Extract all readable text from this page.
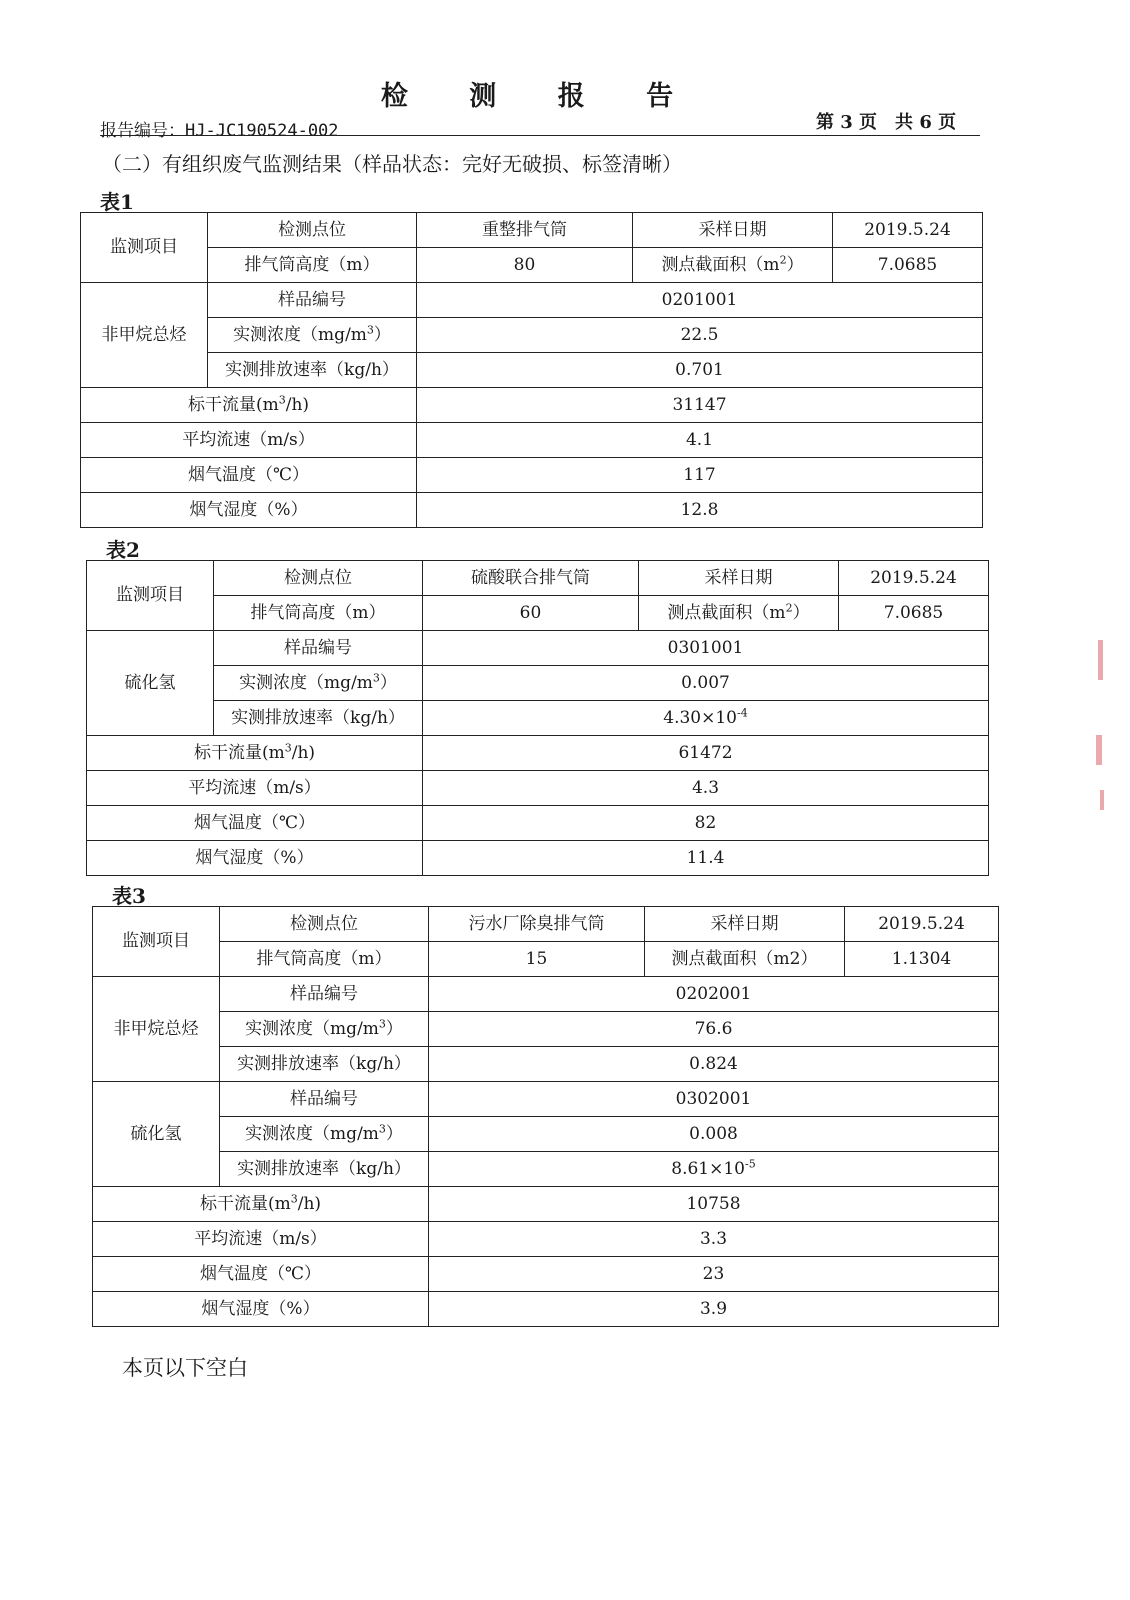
检 测 报 告
报告编号：HJ-JC190524-002	第 3 页　共 6 页
（二）有组织废气监测结果（样品状态：完好无破损、标签清晰）
表1
监测项目	检测点位	重整排气筒	采样日期	2019.5.24
	排气筒高度（m）	80	测点截面积$(m^2)$	7.0685
非甲烷总烃	样品编号	0201001		
	实测浓度$(mg/m^3)$	22.5		
	实测排放速率（kg/h）	0.701		
标干流量$(m^3/h)$		31147		
平均流速（m/s）		4.1		
烟气温度（℃）		117		
烟气湿度（%）		12.8		
表2
监测项目	检测点位	硫酸联合排气筒	采样日期	2019.5.24
	排气筒高度（m）	60	测点截面积$(m^2)$	7.0685
硫化氢	样品编号	0301001		
	实测浓度$(mg/m^3)$	0.007		
	实测排放速率（kg/h）	$4.30\times 10^{-4}$
标干流量$(m^3/h)$		61472		
平均流速（m/s）		4.3		
烟气温度（℃）		82		
烟气湿度（%）		11.4		
表3
监测项目	检测点位	污水厂除臭排气筒	采样日期	2019.5.24
	排气筒高度（m）	15	测点截面积（m2）	1.1304
非甲烷总烃	样品编号	0202001		
	实测浓度$(mg/m^3)$	76.6		
	实测排放速率（kg/h）	0.824		
硫化氢	样品编号	0302001		
	实测浓度$(mg/m^3)$	0.008		
	实测排放速率（kg/h）	$8.61\times 10^{-5}$
标干流量$(m^3/h)$		10758		
平均流速（m/s）		3.3		
烟气温度（℃）		23		
烟气湿度（%）		3.9		
本页以下空白
